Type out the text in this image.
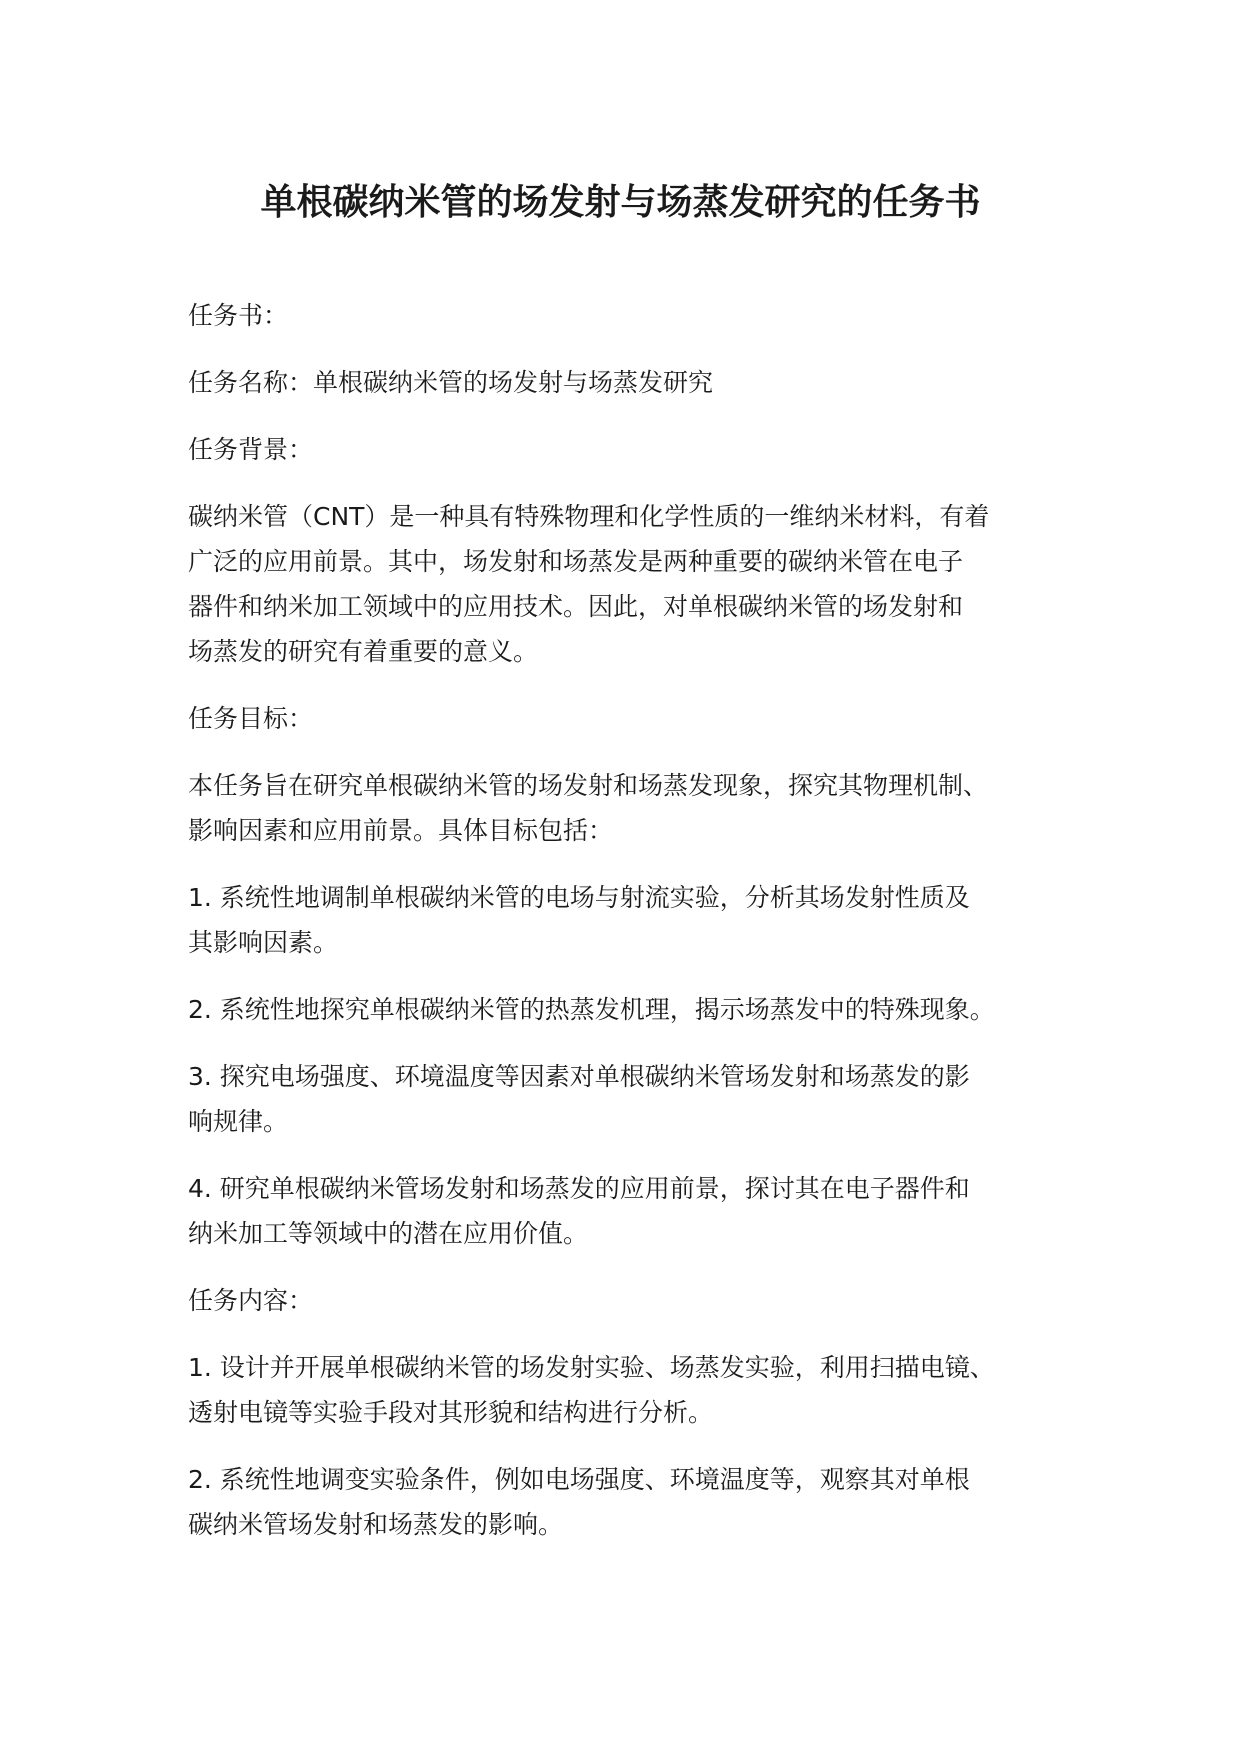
单根碳纳米管的场发射与场蒸发研究的任务书

任务书：

任务名称：单根碳纳米管的场发射与场蒸发研究

任务背景：

碳纳米管（CNT）是一种具有特殊物理和化学性质的一维纳米材料，有着
广泛的应用前景。其中，场发射和场蒸发是两种重要的碳纳米管在电子
器件和纳米加工领域中的应用技术。因此，对单根碳纳米管的场发射和
场蒸发的研究有着重要的意义。

任务目标：

本任务旨在研究单根碳纳米管的场发射和场蒸发现象，探究其物理机制、
影响因素和应用前景。具体目标包括：

1. 系统性地调制单根碳纳米管的电场与射流实验，分析其场发射性质及
其影响因素。

2. 系统性地探究单根碳纳米管的热蒸发机理，揭示场蒸发中的特殊现象。

3. 探究电场强度、环境温度等因素对单根碳纳米管场发射和场蒸发的影
响规律。

4. 研究单根碳纳米管场发射和场蒸发的应用前景，探讨其在电子器件和
纳米加工等领域中的潜在应用价值。

任务内容：

1. 设计并开展单根碳纳米管的场发射实验、场蒸发实验，利用扫描电镜、
透射电镜等实验手段对其形貌和结构进行分析。

2. 系统性地调变实验条件，例如电场强度、环境温度等，观察其对单根
碳纳米管场发射和场蒸发的影响。
